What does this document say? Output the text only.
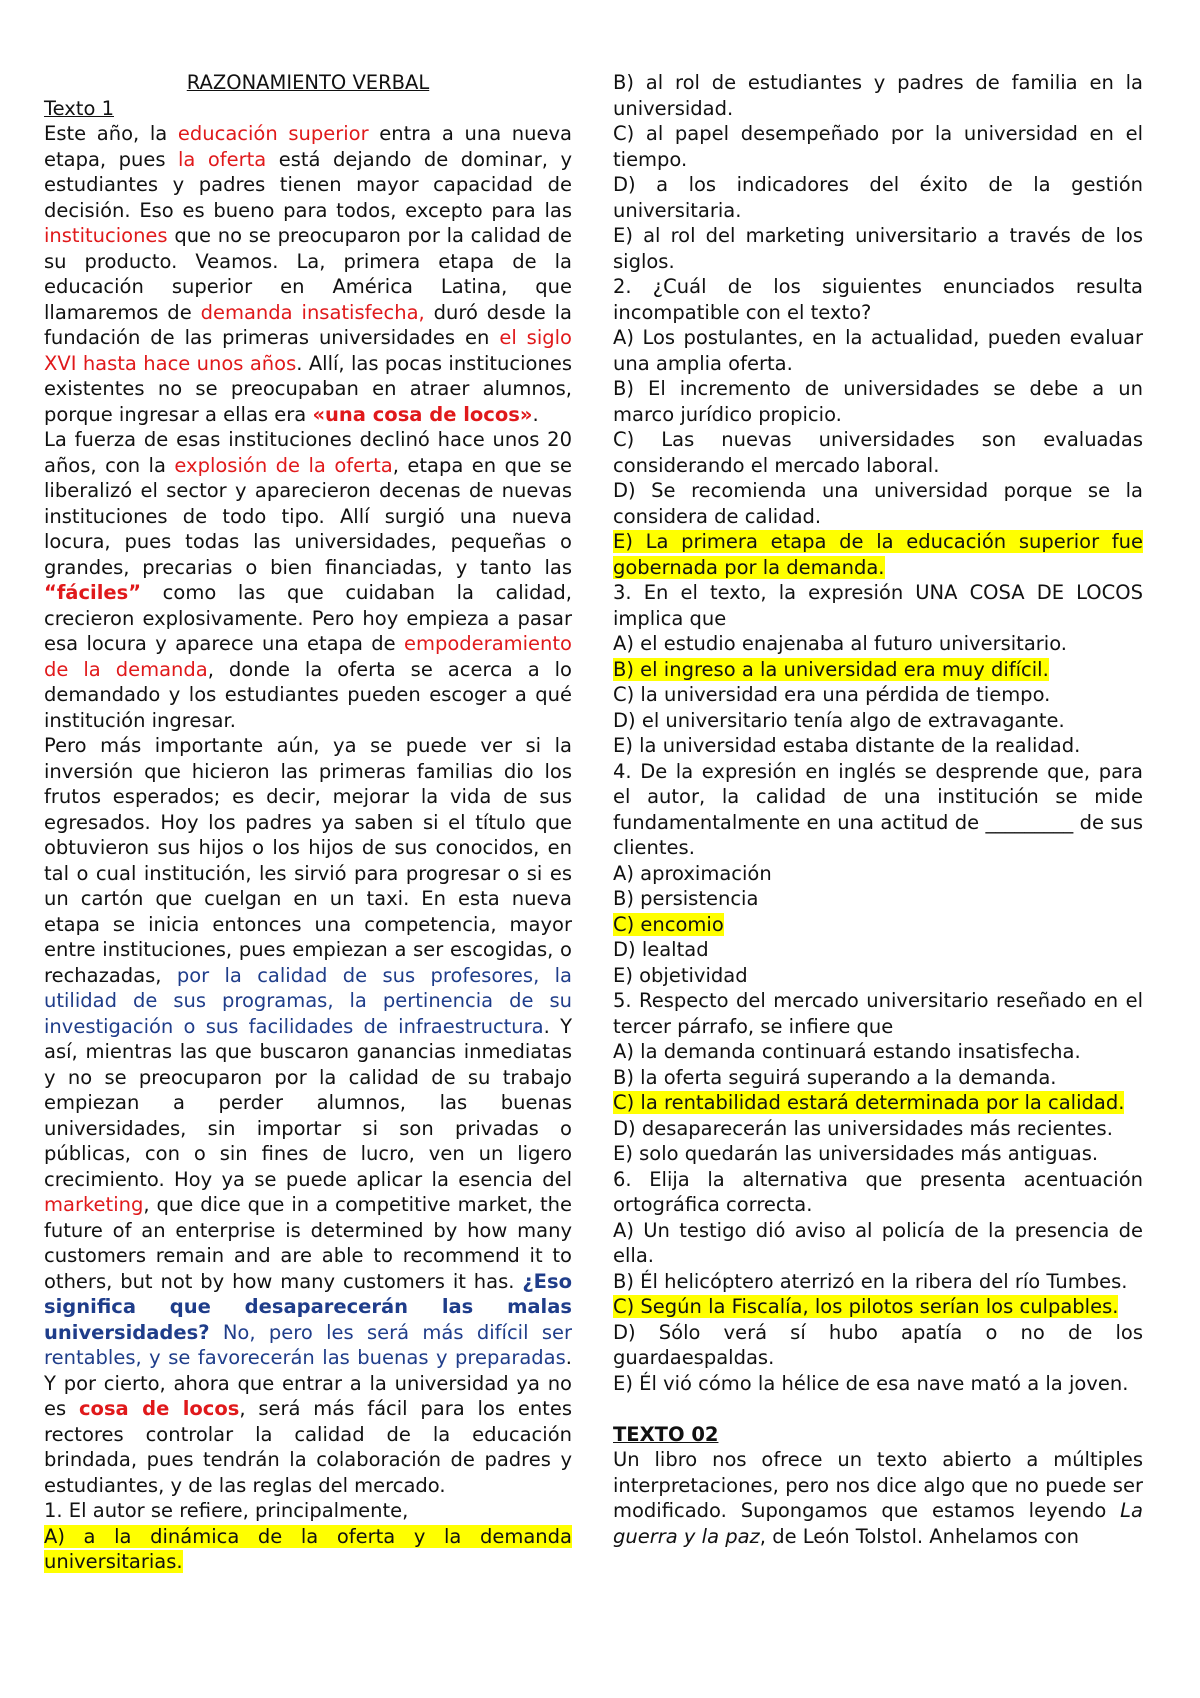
RAZONAMIENTO VERBAL

Texto 1

Este año, la educación superior entra a una nueva etapa, pues la oferta está dejando de dominar, y estudiantes y padres tienen mayor capacidad de decisión. Eso es bueno para todos, excepto para las instituciones que no se preocuparon por la calidad de su producto. Veamos. La, primera etapa de la educación superior en América Latina, que llamaremos de demanda insatisfecha, duró desde la fundación de las primeras universidades en el siglo XVI hasta hace unos años. Allí, las pocas instituciones existentes no se preocupaban en atraer alumnos, porque ingresar a ellas era «una cosa de locos».

La fuerza de esas instituciones declinó hace unos 20 años, con la explosión de la oferta, etapa en que se liberalizó el sector y aparecieron decenas de nuevas instituciones de todo tipo. Allí surgió una nueva locura, pues todas las universidades, pequeñas o grandes, precarias o bien financiadas, y tanto las “fáciles” como las que cuidaban la calidad, crecieron explosivamente. Pero hoy empieza a pasar esa locura y aparece una etapa de empoderamiento de la demanda, donde la oferta se acerca a lo demandado y los estudiantes pueden escoger a qué institución ingresar.

Pero más importante aún, ya se puede ver si la inversión que hicieron las primeras familias dio los frutos esperados; es decir, mejorar la vida de sus egresados. Hoy los padres ya saben si el título que obtuvieron sus hijos o los hijos de sus conocidos, en tal o cual institución, les sirvió para progresar o si es un cartón que cuelgan en un taxi. En esta nueva etapa se inicia entonces una competencia, mayor entre instituciones, pues empiezan a ser escogidas, o rechazadas, por la calidad de sus profesores, la utilidad de sus programas, la pertinencia de su investigación o sus facilidades de infraestructura. Y así, mientras las que buscaron ganancias inmediatas y no se preocuparon por la calidad de su trabajo empiezan a perder alumnos, las buenas universidades, sin importar si son privadas o públicas, con o sin fines de lucro, ven un ligero crecimiento. Hoy ya se puede aplicar la esencia del marketing, que dice que in a competitive market, the future of an enterprise is determined by how many customers remain and are able to recommend it to others, but not by how many customers it has. ¿Eso significa que desaparecerán las malas universidades? No, pero les será más difícil ser rentables, y se favorecerán las buenas y preparadas. Y por cierto, ahora que entrar a la universidad ya no es cosa de locos, será más fácil para los entes rectores controlar la calidad de la educación brindada, pues tendrán la colaboración de padres y estudiantes, y de las reglas del mercado.

1. El autor se refiere, principalmente,

A) a la dinámica de la oferta y la demanda universitarias.

B) al rol de estudiantes y padres de familia en la universidad.

C) al papel desempeñado por la universidad en el tiempo.

D) a los indicadores del éxito de la gestión universitaria.

E) al rol del marketing universitario a través de los siglos.

2. ¿Cuál de los siguientes enunciados resulta incompatible con el texto?

A) Los postulantes, en la actualidad, pueden evaluar una amplia oferta.

B) El incremento de universidades se debe a un marco jurídico propicio.

C) Las nuevas universidades son evaluadas considerando el mercado laboral.

D) Se recomienda una universidad porque se la considera de calidad.

E) La primera etapa de la educación superior fue gobernada por la demanda.

3. En el texto, la expresión UNA COSA DE LOCOS implica que

A) el estudio enajenaba al futuro universitario.

B) el ingreso a la universidad era muy difícil.

C) la universidad era una pérdida de tiempo.

D) el universitario tenía algo de extravagante.

E) la universidad estaba distante de la realidad.

4. De la expresión en inglés se desprende que, para el autor, la calidad de una institución se mide fundamentalmente en una actitud de _________ de sus clientes.

A) aproximación

B) persistencia

C) encomio

D) lealtad

E) objetividad

5. Respecto del mercado universitario reseñado en el tercer párrafo, se infiere que

A) la demanda continuará estando insatisfecha.

B) la oferta seguirá superando a la demanda.

C) la rentabilidad estará determinada por la calidad.

D) desaparecerán las universidades más recientes.

E) solo quedarán las universidades más antiguas.

6. Elija la alternativa que presenta acentuación ortográfica correcta.

A) Un testigo dió aviso al policía de la presencia de ella.

B) Él helicóptero aterrizó en la ribera del río Tumbes.

C) Según la Fiscalía, los pilotos serían los culpables.

D) Sólo verá sí hubo apatía o no de los guardaespaldas.

E) Él vió cómo la hélice de esa nave mató a la joven.

TEXTO 02

Un libro nos ofrece un texto abierto a múltiples interpretaciones, pero nos dice algo que no puede ser modificado. Supongamos que estamos leyendo La guerra y la paz, de León Tolstol. Anhelamos con
